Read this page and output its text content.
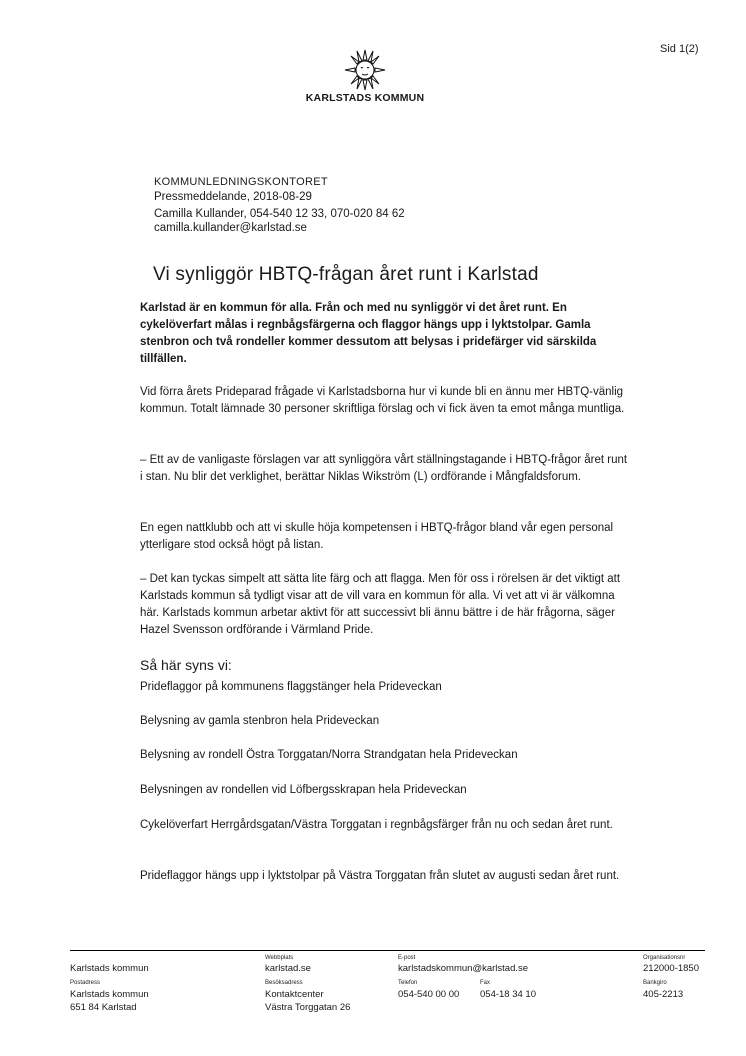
Sid 1(2)
KARLSTADS KOMMUN
KOMMUNLEDNINGSKONTORET
Pressmeddelande, 2018-08-29
Camilla Kullander, 054-540 12 33, 070-020 84 62
camilla.kullander@karlstad.se
Vi synliggör HBTQ-frågan året runt i Karlstad

Karlstad är en kommun för alla. Från och med nu synliggör vi det året runt. En cykelöverfart målas i regnbågsfärgerna och flaggor hängs upp i lyktstolpar. Gamla stenbron och två rondeller kommer dessutom att belysas i pridefärger vid särskilda tillfällen.

Vid förra årets Prideparad frågade vi Karlstadsborna hur vi kunde bli en ännu mer HBTQ-vänlig kommun. Totalt lämnade 30 personer skriftliga förslag och vi fick även ta emot många muntliga.

– Ett av de vanligaste förslagen var att synliggöra vårt ställningstagande i HBTQ-frågor året runt i stan. Nu blir det verklighet, berättar Niklas Wikström (L) ordförande i Mångfaldsforum.

En egen nattklubb och att vi skulle höja kompetensen i HBTQ-frågor bland vår egen personal ytterligare stod också högt på listan.

– Det kan tyckas simpelt att sätta lite färg och att flagga. Men för oss i rörelsen är det viktigt att Karlstads kommun så tydligt visar att de vill vara en kommun för alla. Vi vet att vi är välkomna här. Karlstads kommun arbetar aktivt för att successivt bli ännu bättre i de här frågorna, säger Hazel Svensson ordförande i Värmland Pride.

Så här syns vi:

Prideflaggor på kommunens flaggstänger hela Prideveckan

Belysning av gamla stenbron hela Prideveckan

Belysning av rondell Östra Torggatan/Norra Strandgatan hela Prideveckan

Belysningen av rondellen vid Löfbergsskrapan hela Prideveckan

Cykelöverfart Herrgårdsgatan/Västra Torggatan i regnbågsfärger från nu och sedan året runt.

Prideflaggor hängs upp i lyktstolpar på Västra Torggatan från slutet av augusti sedan året runt.

Karlstads kommun
Postadress
Karlstads kommun
651 84 Karlstad
Webbplats
karlstad.se
Besöksadress
Kontaktcenter
Västra Torggatan 26
E-post
karlstadskommun@karlstad.se
Telefon
054-540 00 00
Fax
054-18 34 10
Organisationsnr
212000-1850
Bankgiro
405-2213
